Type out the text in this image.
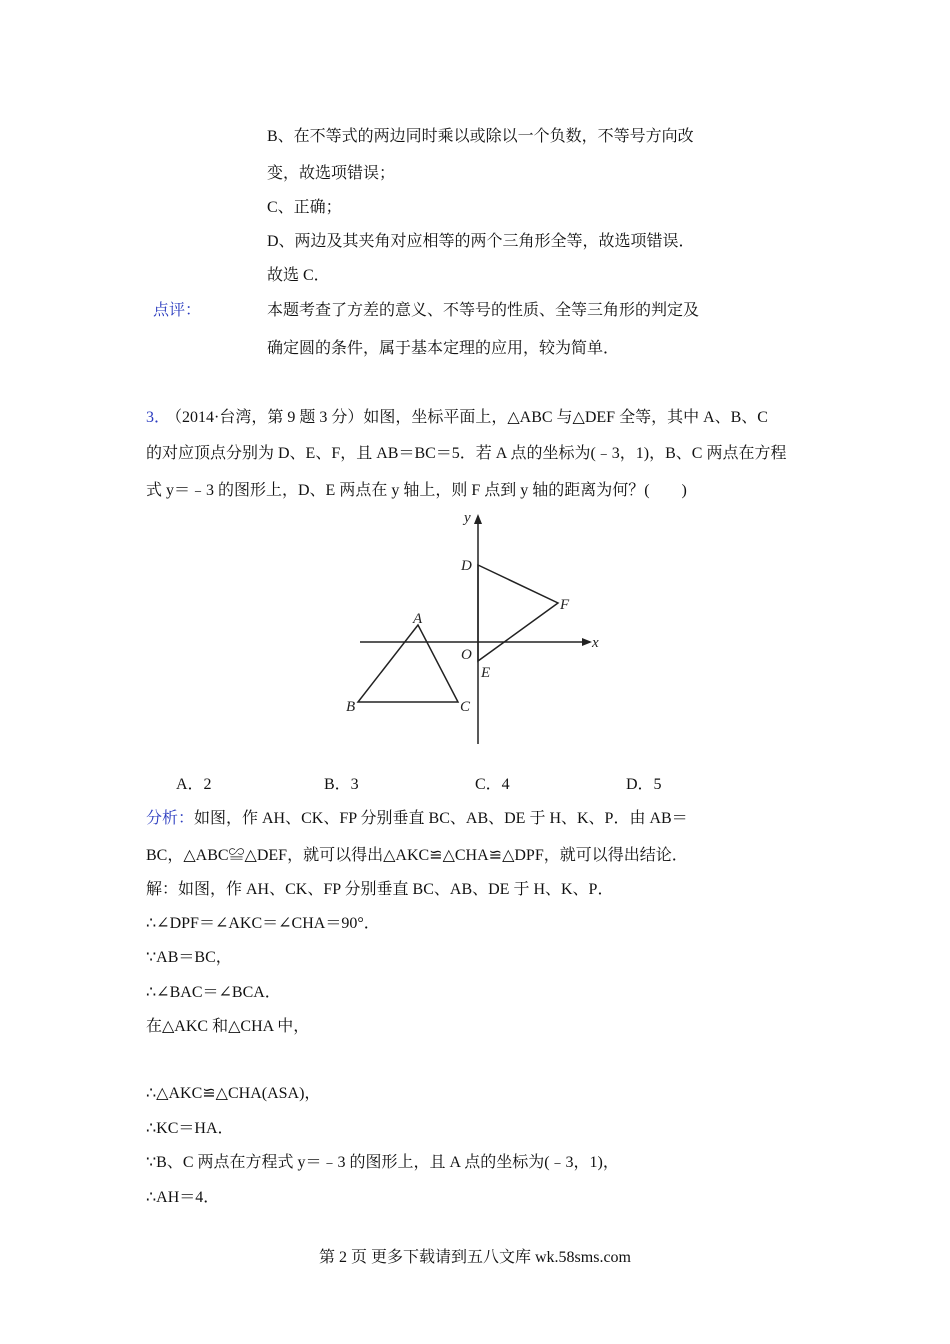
B、在不等式的两边同时乘以或除以一个负数，不等号方向改
变，故选项错误；
C、正确；
D、两边及其夹角对应相等的两个三角形全等，故选项错误．
故选 C．
点评：	本题考查了方差的意义、不等号的性质、全等三角形的判定及
确定圆的条件，属于基本定理的应用，较为简单．
3．
（2014·台湾，第 9 题 3 分）如图，坐标平面上，△ABC 与△DEF 全等，其中 A、B、C
的对应顶点分别为 D、E、F，且 AB＝BC＝5．若 A 点的坐标为(﹣3，1)，B、C 两点在方程
式 y＝﹣3 的图形上，D、E 两点在 y 轴上，则 F 点到 y 轴的距离为何？(　　)
y
x
D
F
A
O
E
B	C
A．2	B．3	C．4	D．5
分析： 如图，作 AH、CK、FP 分别垂直 BC、AB、DE 于 H、K、P．由 AB＝
BC，△ABC≌△DEF，就可以得出△AKC≌△CHA≌△DPF，就可以得出结论．
解：如图，作 AH、CK、FP 分别垂直 BC、AB、DE 于 H、K、P．
∴∠DPF＝∠AKC＝∠CHA＝90°．
∵AB＝BC，
∴∠BAC＝∠BCA．
在△AKC 和△CHA 中，
∴△AKC≌△CHA(ASA)，
∴KC＝HA．
∵B、C 两点在方程式 y＝﹣3 的图形上，且 A 点的坐标为(﹣3，1)，
∴AH＝4．
第 2 页 更多下载请到五八文库 wk.58sms.com
